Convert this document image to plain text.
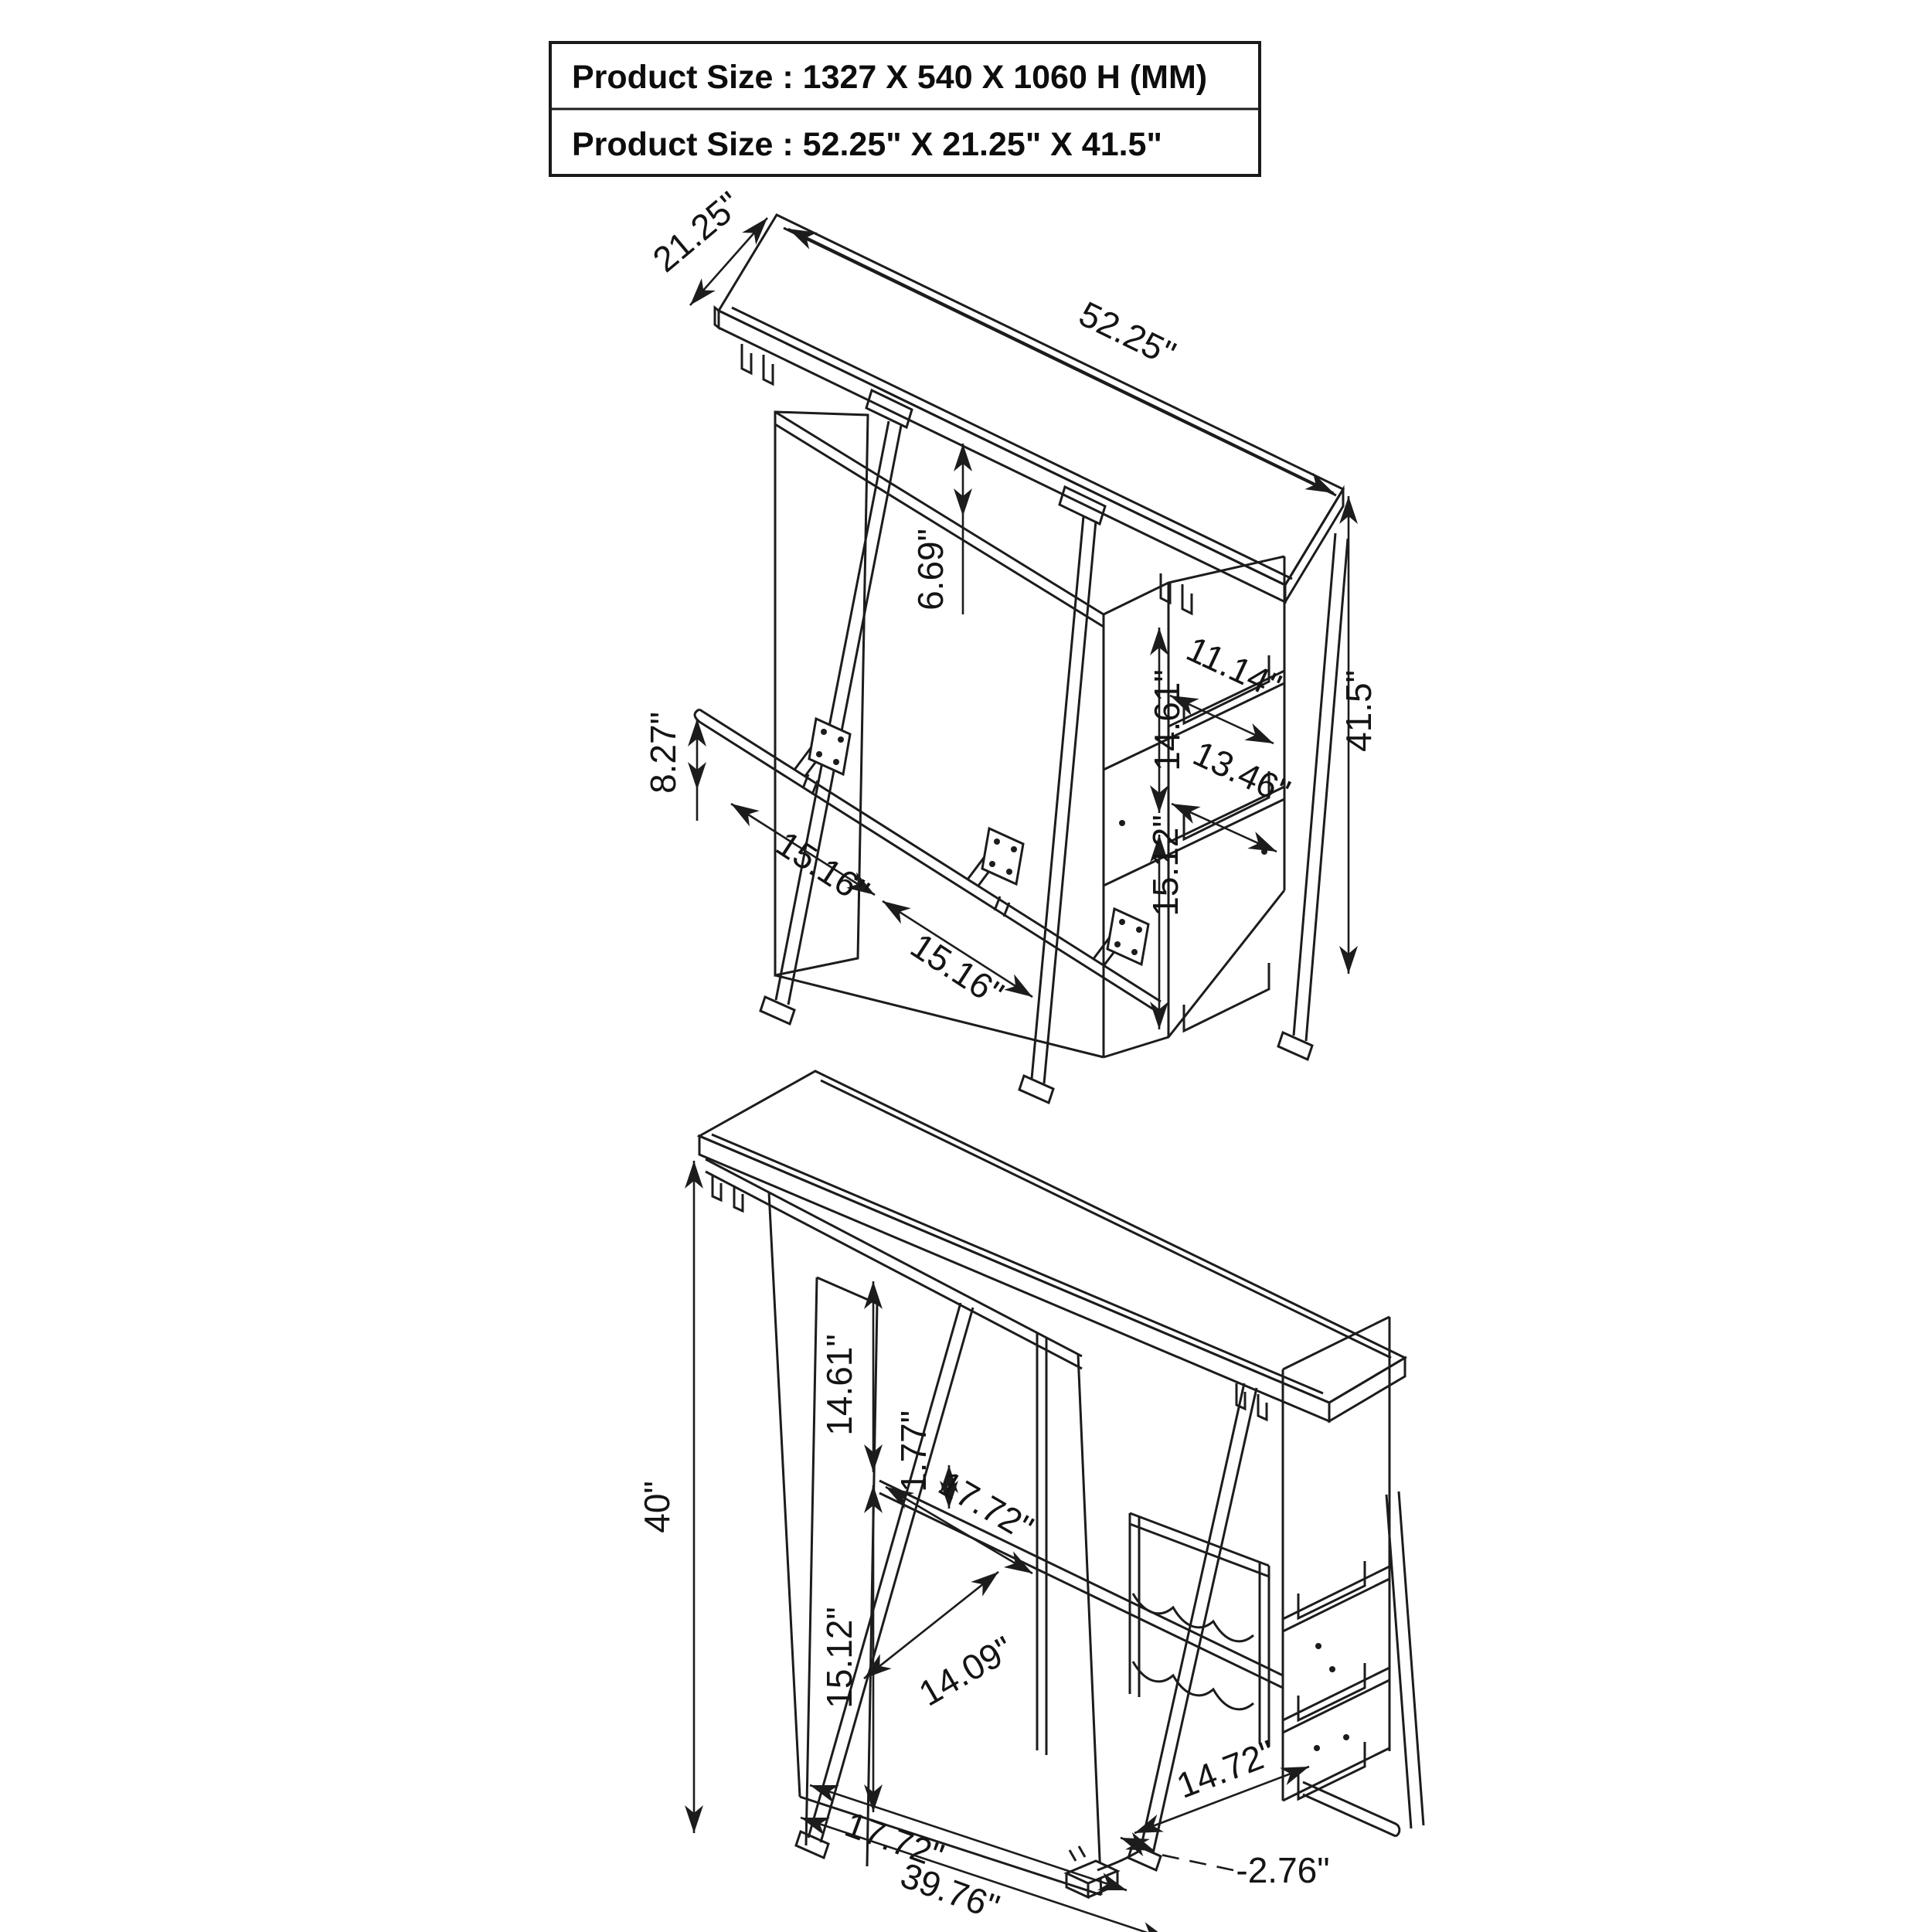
Product Size : 1327 X 540 X 1060 H (MM)
Product Size : 52.25" X 21.25" X 41.5"
21.25"
52.25"
6.69"
11.14"
14.61"
13.46"
15.12"
41.5"
8.27"
15.16"
15.16"
40"
14.61"
1.77"
17.72"
15.12" 14.09"
17.72"
39.76"
14.72"
-2.76"
